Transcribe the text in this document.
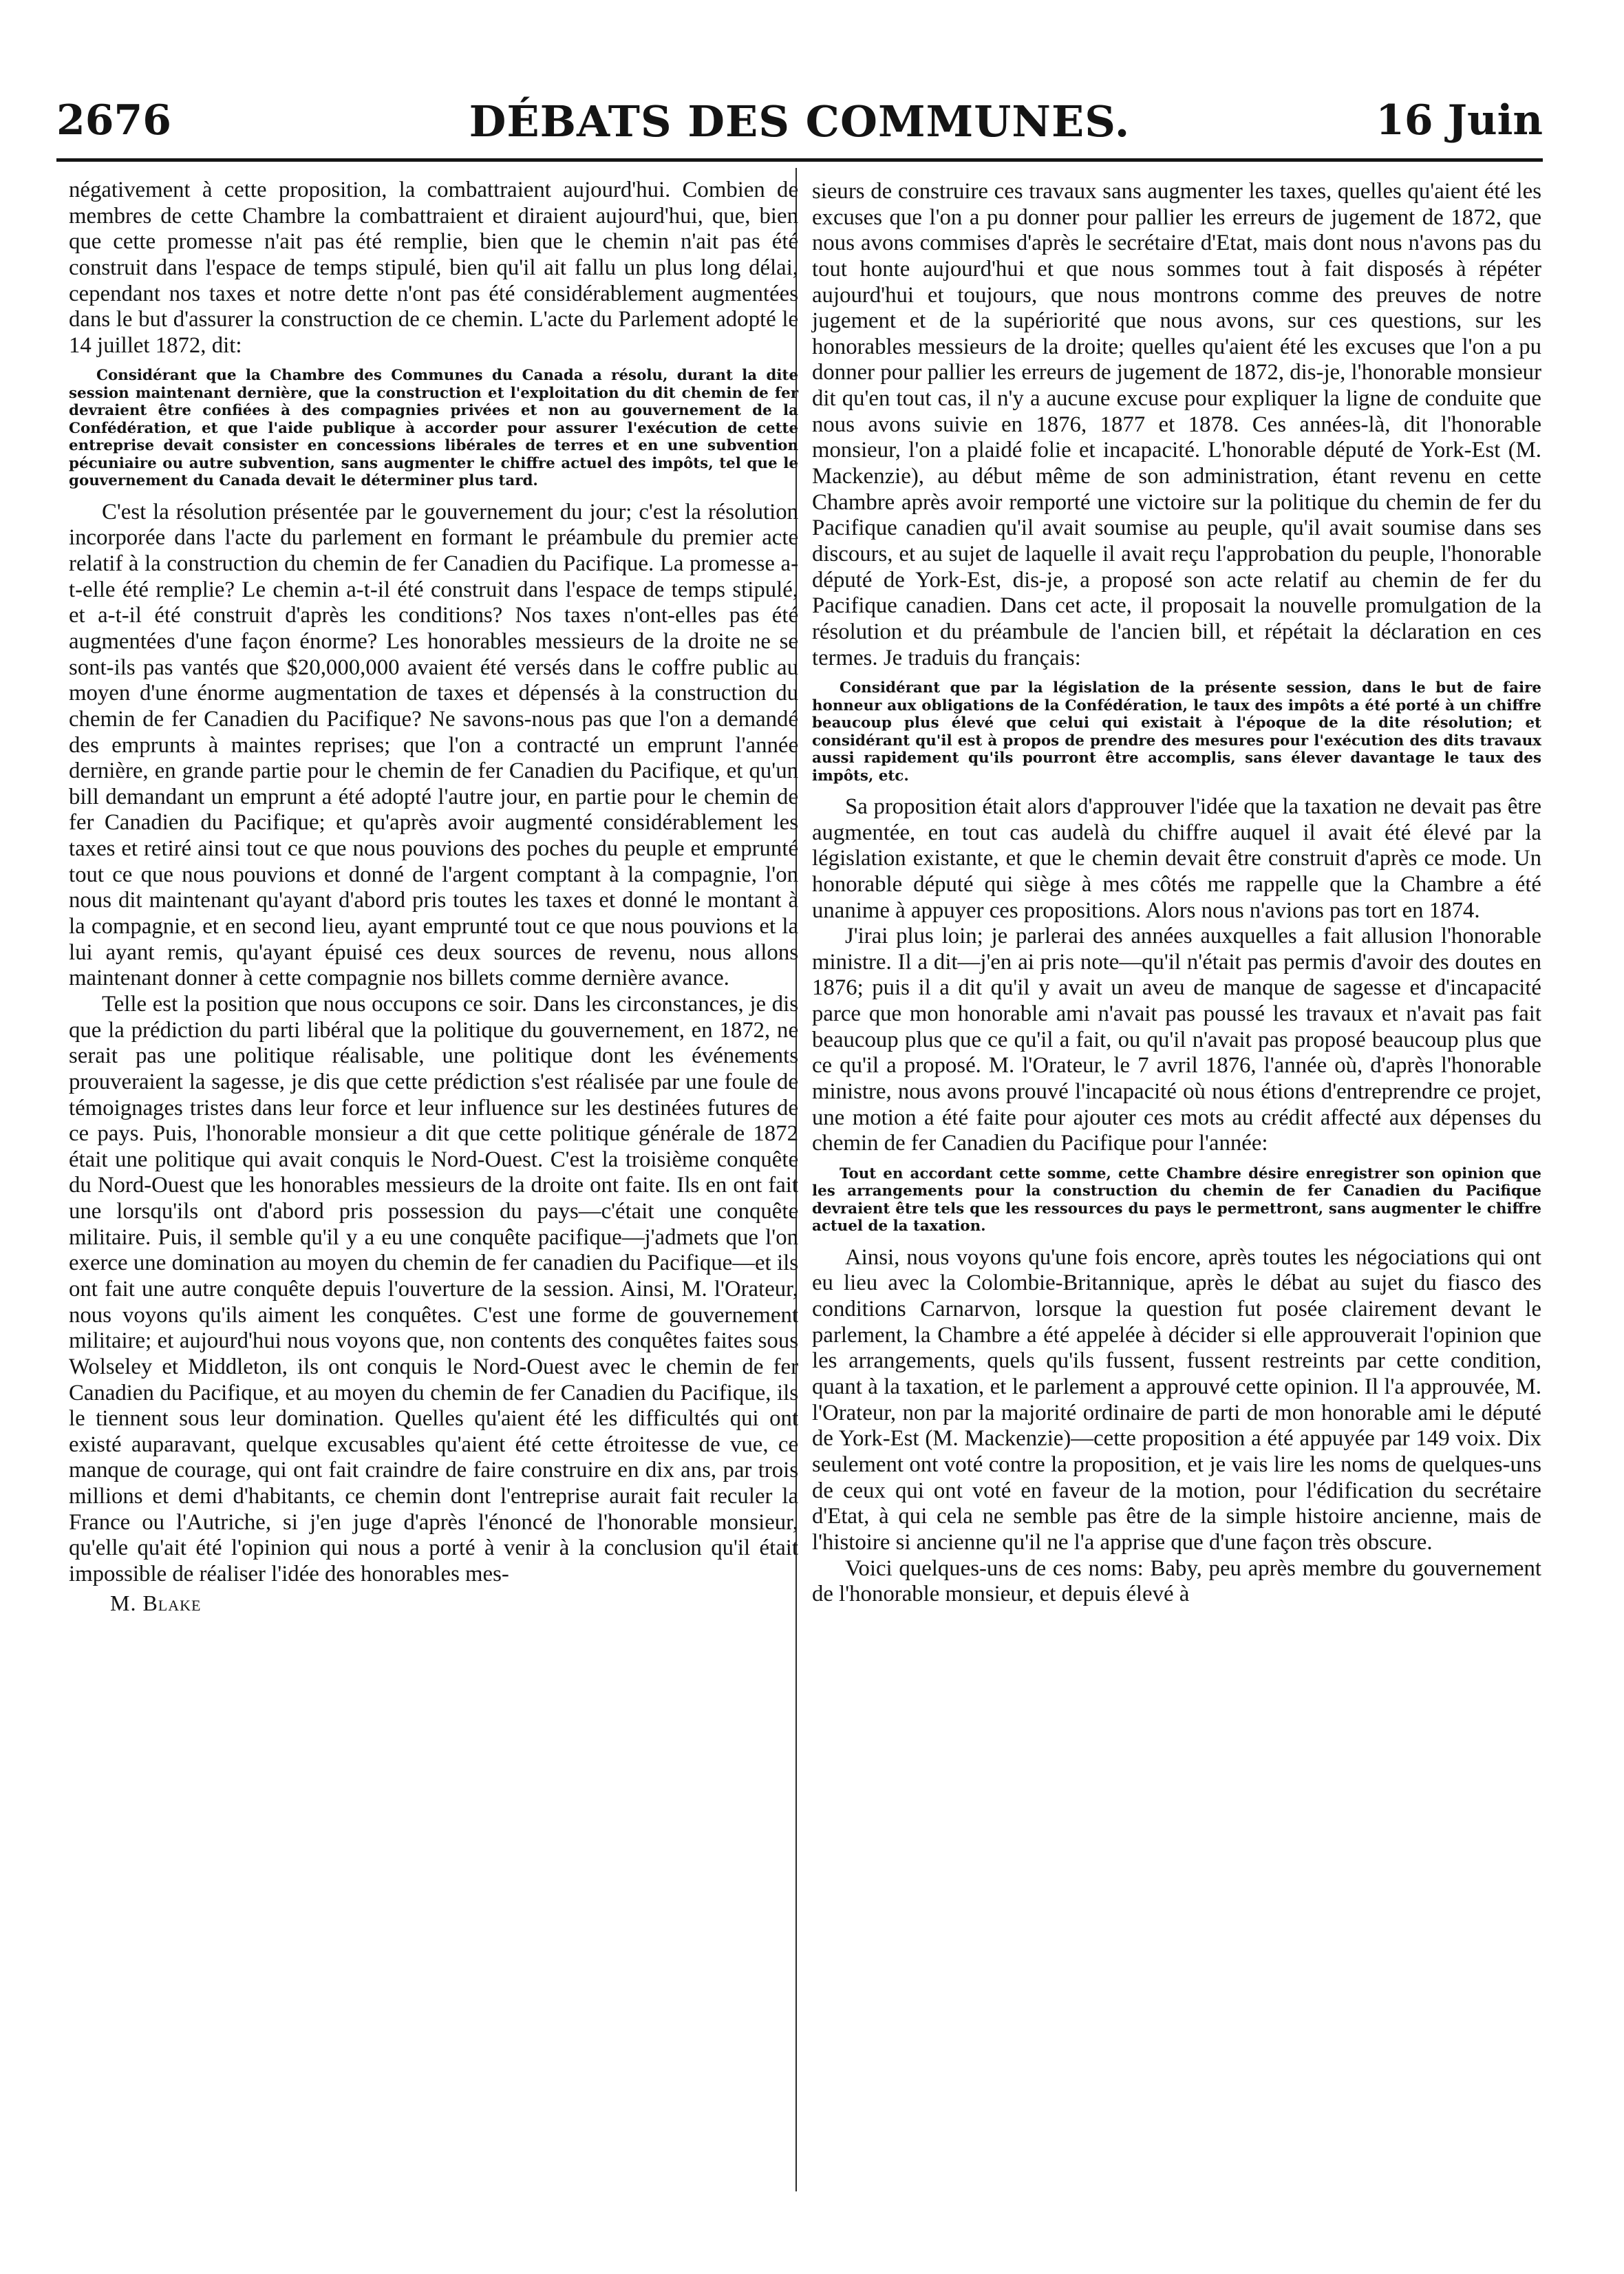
2676	DÉBATS DES COMMUNES.	16 Juin

négativement à cette proposition, la combattraient aujourd'hui. Combien de membres de cette Chambre la combattraient et diraient aujourd'hui, que, bien que cette promesse n'ait pas été remplie, bien que le chemin n'ait pas été construit dans l'espace de temps stipulé, bien qu'il ait fallu un plus long délai, cependant nos taxes et notre dette n'ont pas été considérablement augmentées dans le but d'assurer la construction de ce chemin. L'acte du Parlement adopté le 14 juillet 1872, dit:

Considérant que la Chambre des Communes du Canada a résolu, durant la dite session maintenant dernière, que la construction et l'exploitation du dit chemin de fer devraient être confiées à des compagnies privées et non au gouvernement de la Confédération, et que l'aide publique à accorder pour assurer l'exécution de cette entreprise devait consister en concessions libérales de terres et en une subvention pécuniaire ou autre subvention, sans augmenter le chiffre actuel des impôts, tel que le gouvernement du Canada devait le déterminer plus tard.

C'est la résolution présentée par le gouvernement du jour; c'est la résolution incorporée dans l'acte du parlement en formant le préambule du premier acte relatif à la construction du chemin de fer Canadien du Pacifique. La promesse a-t-elle été remplie? Le chemin a-t-il été construit dans l'espace de temps stipulé, et a-t-il été construit d'après les conditions? Nos taxes n'ont-elles pas été augmentées d'une façon énorme? Les honorables messieurs de la droite ne se sont-ils pas vantés que $20,000,000 avaient été versés dans le coffre public au moyen d'une énorme augmentation de taxes et dépensés à la construction du chemin de fer Canadien du Pacifique? Ne savons-nous pas que l'on a demandé des emprunts à maintes reprises; que l'on a contracté un emprunt l'année dernière, en grande partie pour le chemin de fer Canadien du Pacifique, et qu'un bill demandant un emprunt a été adopté l'autre jour, en partie pour le chemin de fer Canadien du Pacifique; et qu'après avoir augmenté considérablement les taxes et retiré ainsi tout ce que nous pouvions des poches du peuple et emprunté tout ce que nous pouvions et donné de l'argent comptant à la compagnie, l'on nous dit maintenant qu'ayant d'abord pris toutes les taxes et donné le montant à la compagnie, et en second lieu, ayant emprunté tout ce que nous pouvions et la lui ayant remis, qu'ayant épuisé ces deux sources de revenu, nous allons maintenant donner à cette compagnie nos billets comme dernière avance.

Telle est la position que nous occupons ce soir. Dans les circonstances, je dis que la prédiction du parti libéral que la politique du gouvernement, en 1872, ne serait pas une politique réalisable, une politique dont les événements prouveraient la sagesse, je dis que cette prédiction s'est réalisée par une foule de témoignages tristes dans leur force et leur influence sur les destinées futures de ce pays. Puis, l'honorable monsieur a dit que cette politique générale de 1872 était une politique qui avait conquis le Nord-Ouest. C'est la troisième conquête du Nord-Ouest que les honorables messieurs de la droite ont faite. Ils en ont fait une lorsqu'ils ont d'abord pris possession du pays—c'était une conquête militaire. Puis, il semble qu'il y a eu une conquête pacifique—j'admets que l'on exerce une domination au moyen du chemin de fer canadien du Pacifique—et ils ont fait une autre conquête depuis l'ouverture de la session. Ainsi, M. l'Orateur, nous voyons qu'ils aiment les conquêtes. C'est une forme de gouvernement militaire; et aujourd'hui nous voyons que, non contents des conquêtes faites sous Wolseley et Middleton, ils ont conquis le Nord-Ouest avec le chemin de fer Canadien du Pacifique, et au moyen du chemin de fer Canadien du Pacifique, ils le tiennent sous leur domination. Quelles qu'aient été les difficultés qui ont existé auparavant, quelque excusables qu'aient été cette étroitesse de vue, ce manque de courage, qui ont fait craindre de faire construire en dix ans, par trois millions et demi d'habitants, ce chemin dont l'entreprise aurait fait reculer la France ou l'Autriche, si j'en juge d'après l'énoncé de l'honorable monsieur, qu'elle qu'ait été l'opinion qui nous a porté à venir à la conclusion qu'il était impossible de réaliser l'idée des honorables mes-

M. Blake

sieurs de construire ces travaux sans augmenter les taxes, quelles qu'aient été les excuses que l'on a pu donner pour pallier les erreurs de jugement de 1872, que nous avons commises d'après le secrétaire d'Etat, mais dont nous n'avons pas du tout honte aujourd'hui et que nous sommes tout à fait disposés à répéter aujourd'hui et toujours, que nous montrons comme des preuves de notre jugement et de la supériorité que nous avons, sur ces questions, sur les honorables messieurs de la droite; quelles qu'aient été les excuses que l'on a pu donner pour pallier les erreurs de jugement de 1872, dis-je, l'honorable monsieur dit qu'en tout cas, il n'y a aucune excuse pour expliquer la ligne de conduite que nous avons suivie en 1876, 1877 et 1878. Ces années-là, dit l'honorable monsieur, l'on a plaidé folie et incapacité. L'honorable député de York-Est (M. Mackenzie), au début même de son administration, étant revenu en cette Chambre après avoir remporté une victoire sur la politique du chemin de fer du Pacifique canadien qu'il avait soumise au peuple, qu'il avait soumise dans ses discours, et au sujet de laquelle il avait reçu l'approbation du peuple, l'honorable député de York-Est, dis-je, a proposé son acte relatif au chemin de fer du Pacifique canadien. Dans cet acte, il proposait la nouvelle promulgation de la résolution et du préambule de l'ancien bill, et répétait la déclaration en ces termes. Je traduis du français:

Considérant que par la législation de la présente session, dans le but de faire honneur aux obligations de la Confédération, le taux des impôts a été porté à un chiffre beaucoup plus élevé que celui qui existait à l'époque de la dite résolution; et considérant qu'il est à propos de prendre des mesures pour l'exécution des dits travaux aussi rapidement qu'ils pourront être accomplis, sans élever davantage le taux des impôts, etc.

Sa proposition était alors d'approuver l'idée que la taxation ne devait pas être augmentée, en tout cas audelà du chiffre auquel il avait été élevé par la législation existante, et que le chemin devait être construit d'après ce mode. Un honorable député qui siège à mes côtés me rappelle que la Chambre a été unanime à appuyer ces propositions. Alors nous n'avions pas tort en 1874.

J'irai plus loin; je parlerai des années auxquelles a fait allusion l'honorable ministre. Il a dit—j'en ai pris note—qu'il n'était pas permis d'avoir des doutes en 1876; puis il a dit qu'il y avait un aveu de manque de sagesse et d'incapacité parce que mon honorable ami n'avait pas poussé les travaux et n'avait pas fait beaucoup plus que ce qu'il a fait, ou qu'il n'avait pas proposé beaucoup plus que ce qu'il a proposé. M. l'Orateur, le 7 avril 1876, l'année où, d'après l'honorable ministre, nous avons prouvé l'incapacité où nous étions d'entreprendre ce projet, une motion a été faite pour ajouter ces mots au crédit affecté aux dépenses du chemin de fer Canadien du Pacifique pour l'année:

Tout en accordant cette somme, cette Chambre désire enregistrer son opinion que les arrangements pour la construction du chemin de fer Canadien du Pacifique devraient être tels que les ressources du pays le permettront, sans augmenter le chiffre actuel de la taxation.

Ainsi, nous voyons qu'une fois encore, après toutes les négociations qui ont eu lieu avec la Colombie-Britannique, après le débat au sujet du fiasco des conditions Carnarvon, lorsque la question fut posée clairement devant le parlement, la Chambre a été appelée à décider si elle approuverait l'opinion que les arrangements, quels qu'ils fussent, fussent restreints par cette condition, quant à la taxation, et le parlement a approuvé cette opinion. Il l'a approuvée, M. l'Orateur, non par la majorité ordinaire de parti de mon honorable ami le député de York-Est (M. Mackenzie)—cette proposition a été appuyée par 149 voix. Dix seulement ont voté contre la proposition, et je vais lire les noms de quelques-uns de ceux qui ont voté en faveur de la motion, pour l'édification du secrétaire d'Etat, à qui cela ne semble pas être de la simple histoire ancienne, mais de l'histoire si ancienne qu'il ne l'a apprise que d'une façon très obscure.

Voici quelques-uns de ces noms: Baby, peu après membre du gouvernement de l'honorable monsieur, et depuis élevé à
